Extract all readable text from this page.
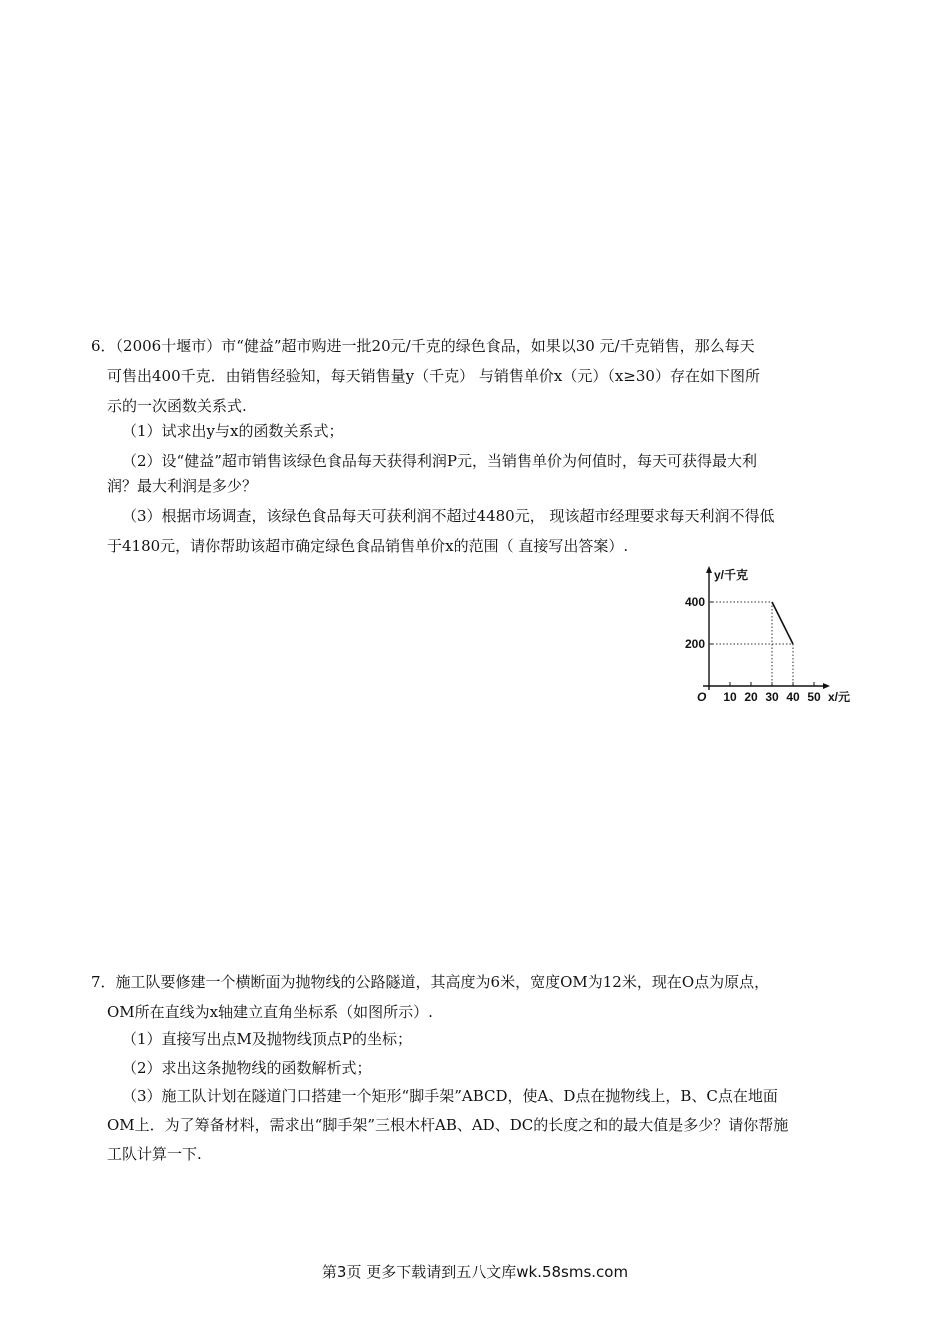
6．（2006十堰市）市“健益”超市购进一批20元/千克的绿色食品，如果以30 元/千克销售，那么每天
可售出400千克．由销售经验知，每天销售量y（千克） 与销售单价x（元）（x≥30）存在如下图所
示的一次函数关系式.
（1）试求出y与x的函数关系式；
（2）设“健益”超市销售该绿色食品每天获得利润P元，当销售单价为何值时，每天可获得最大利
润？最大利润是多少？
（3）根据市场调查，该绿色食品每天可获利润不超过4480元， 现该超市经理要求每天利润不得低
于4180元，请你帮助该超市确定绿色食品销售单价x的范围（ 直接写出答案）.
10 20 30 40 50
400
200
O	x/元
y/千克
7．施工队要修建一个横断面为抛物线的公路隧道，其高度为6米，宽度OM为12米，现在O点为原点，
OM所在直线为x轴建立直角坐标系（如图所示）.
（1）直接写出点M及抛物线顶点P的坐标；
（2）求出这条抛物线的函数解析式；
（3）施工队计划在隧道门口搭建一个矩形“脚手架”ABCD，使A、D点在抛物线上，B、C点在地面
OM上．为了筹备材料，需求出“脚手架”三根木杆AB、AD、DC的长度之和的最大值是多少？请你帮施
工队计算一下.
第3页 更多下载请到五八文库wk.58sms.com
